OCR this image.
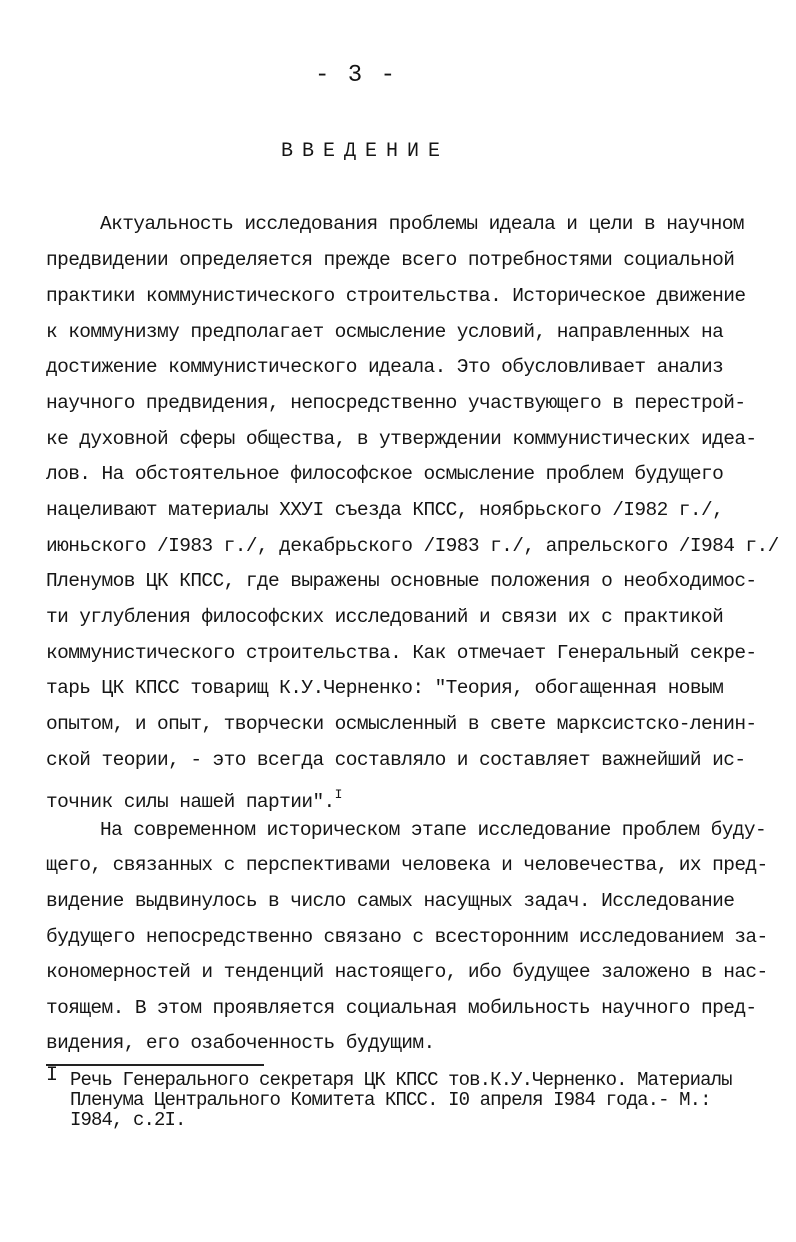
- 3 -
ВВЕДЕНИЕ
Актуальность исследования проблемы идеала и цели в научном
предвидении определяется прежде всего потребностями социальной
практики коммунистического строительства. Историческое движение
к коммунизму предполагает осмысление условий, направленных на
достижение коммунистического идеала. Это обусловливает анализ
научного предвидения, непосредственно участвующего в перестрой-
ке духовной сферы общества, в утверждении коммунистических идеа-
лов. На обстоятельное философское осмысление проблем будущего
нацеливают материалы ХХУI съезда КПСС, ноябрьского /I982 г./,
июньского /I983 г./, декабрьского /I983 г./, апрельского /I984 г./
Пленумов ЦК КПСС, где выражены основные положения о необходимос-
ти углубления философских исследований и связи их с практикой
коммунистического строительства. Как отмечает Генеральный секре-
тарь ЦК КПСС товарищ К.У.Черненко: "Теория, обогащенная новым
опытом, и опыт, творчески осмысленный в свете марксистско-ленин-
ской теории, - это всегда составляло и составляет важнейший ис-
точник силы нашей партии".$^I$
На современном историческом этапе исследование проблем буду-
щего, связанных с перспективами человека и человечества, их пред-
видение выдвинулось в число самых насущных задач. Исследование
будущего непосредственно связано с всесторонним исследованием за-
кономерностей и тенденций настоящего, ибо будущее заложено в нас-
тоящем. В этом проявляется социальная мобильность научного пред-
видения, его озабоченность будущим.
I Речь Генерального секретаря ЦК КПСС тов.К.У.Черненко. Материалы
Пленума Центрального Комитета КПСС. I0 апреля I984 года.- М.:
I984, с.2I.
